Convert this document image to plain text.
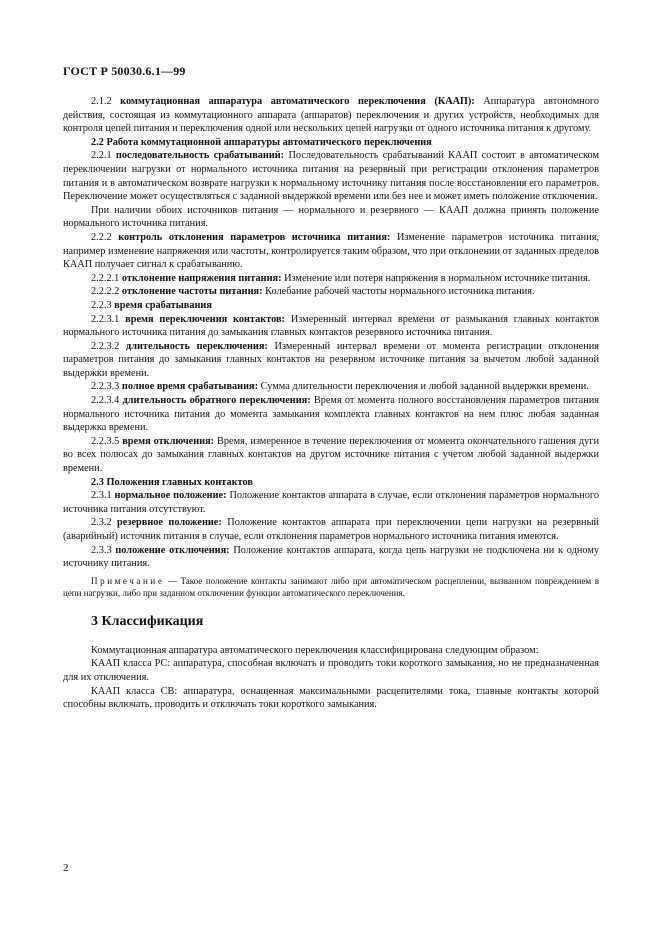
ГОСТ Р 50030.6.1—99

2.1.2 коммутационная аппаратура автоматического переключения (КААП): Аппаратура автономного действия, состоящая из коммутационного аппарата (аппаратов) переключения и других устройств, необходимых для контроля цепей питания и переключения одной или нескольких цепей нагрузки от одного источника питания к другому.

2.2 Работа коммутационной аппаратуры автоматического переключения

2.2.1 последовательность срабатываний: Последовательность срабатываний КААП состоит в автоматическом переключении нагрузки от нормального источника питания на резервный при регистрации отклонения параметров питания и в автоматическом возврате нагрузки к нормальному источнику питания после восстановления его параметров. Переключение может осуществляться с заданной выдержкой времени или без нее и может иметь положение отключения.

При наличии обоих источников питания — нормального и резервного — КААП должна принять положение нормального источника питания.

2.2.2 контроль отклонения параметров источника питания: Изменение параметров источника питания, например изменение напряжения или частоты, контролируется таким образом, что при отклонении от заданных пределов КААП получает сигнал к срабатыванию.

2.2.2.1 отклонение напряжения питания: Изменение или потеря напряжения в нормальном источнике питания.

2.2.2.2 отклонение частоты питания: Колебание рабочей частоты нормального источника питания.

2.2.3 время срабатывания

2.2.3.1 время переключения контактов: Измеренный интервал времени от размыкания главных контактов нормального источника питания до замыкания главных контактов резервного источника питания.

2.2.3.2 длительность переключения: Измеренный интервал времени от момента регистрации отклонения параметров питания до замыкания главных контактов на резервном источнике питания за вычетом любой заданной выдержки времени.

2.2.3.3 полное время срабатывания: Сумма длительности переключения и любой заданной выдержки времени.

2.2.3.4 длительность обратного переключения: Время от момента полного восстановления параметров питания нормального источника питания до момента замыкания комплекта главных контактов на нем плюс любая заданная выдержка времени.

2.2.3.5 время отключения: Время, измеренное в течение переключения от момента окончательного гашения дуги во всех полюсах до замыкания главных контактов на другом источнике питания с учетом любой заданной выдержки времени.

2.3 Положения главных контактов

2.3.1 нормальное положение: Положение контактов аппарата в случае, если отклонения параметров нормального источника питания отсутствуют.

2.3.2 резервное положение: Положение контактов аппарата при переключении цепи нагрузки на резервный (аварийный) источник питания в случае, если отклонения параметров нормального источника питания имеются.

2.3.3 положение отключения: Положение контактов аппарата, когда цепь нагрузки не подключена ни к одному источнику питания.

Примечание — Такое положение контакты занимают либо при автоматическом расцеплении, вызванном повреждением в цепи нагрузки, либо при заданном отключении функции автоматического переключения.

3 Классификация

Коммутационная аппаратура автоматического переключения классифицирована следующим образом:

КААП класса РС: аппаратура, способная включать и проводить токи короткого замыкания, но не предназначенная для их отключения.

КААП класса СВ: аппаратура, оснащенная максимальными расцепителями тока, главные контакты которой способны включать, проводить и отключать токи короткого замыкания.

2
